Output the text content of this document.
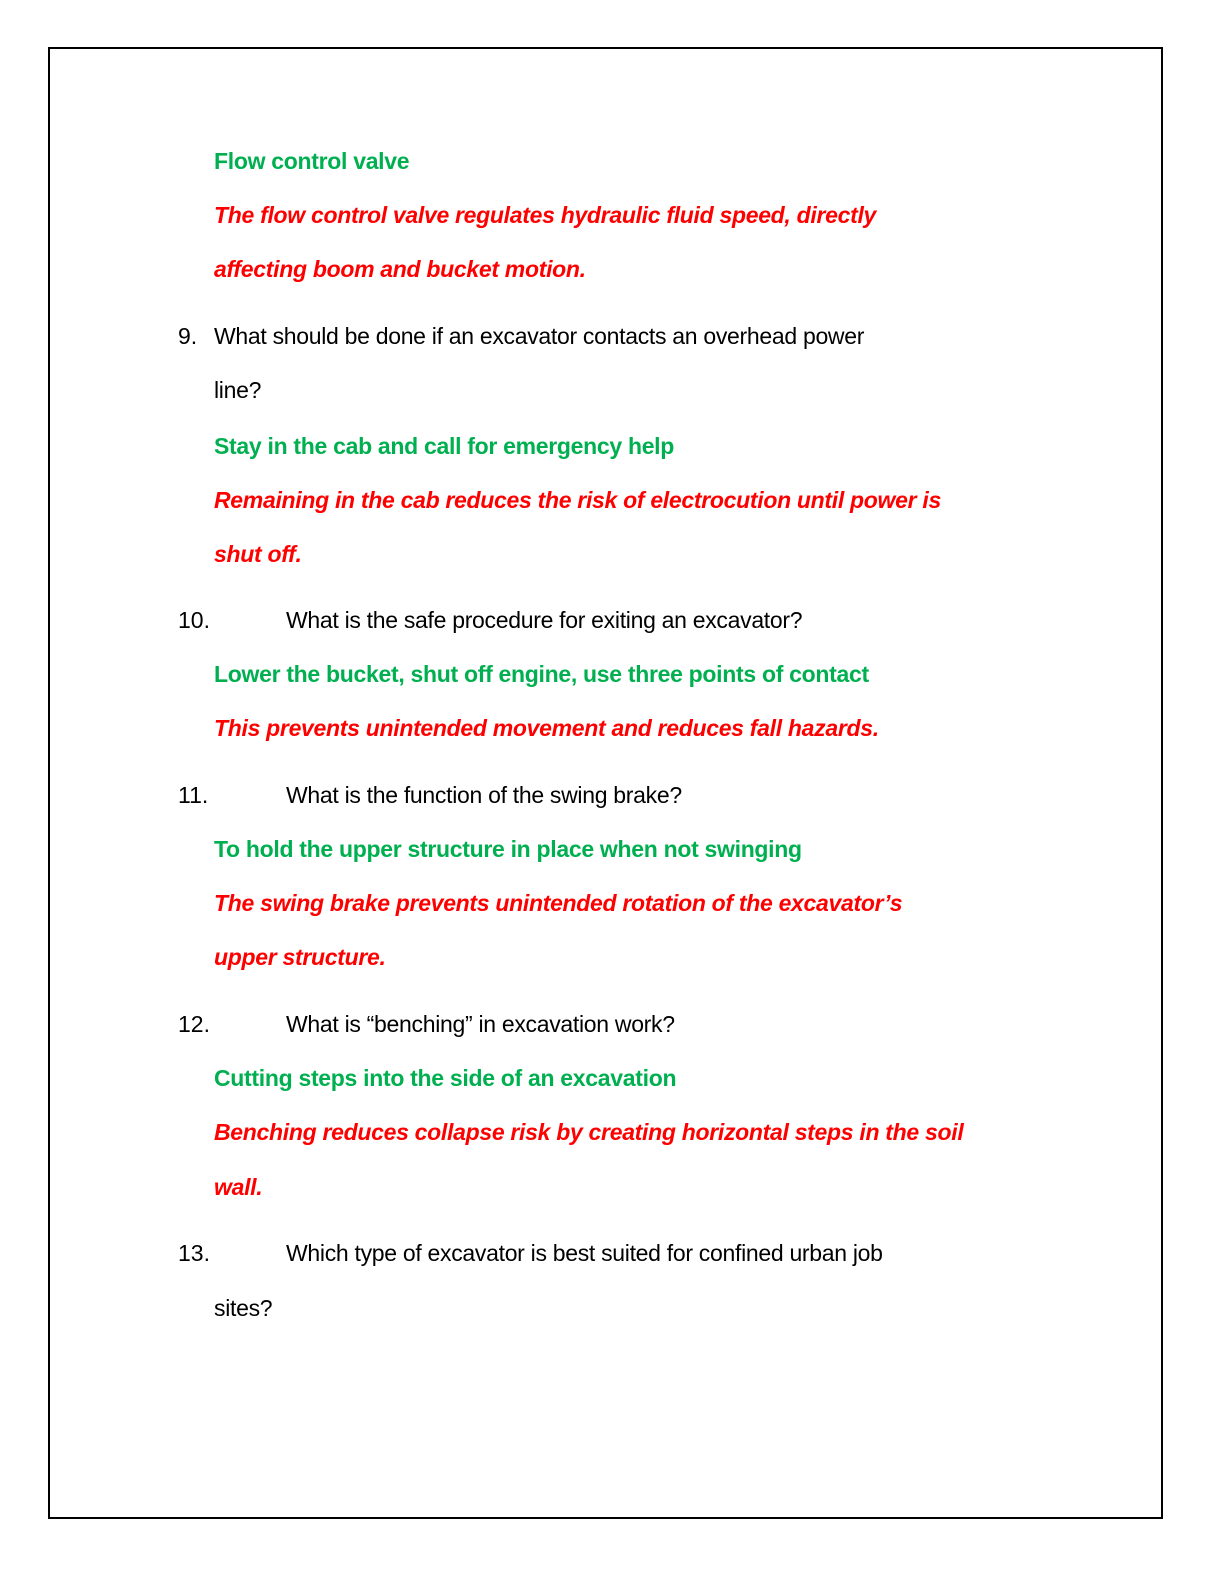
Flow control valve
The flow control valve regulates hydraulic fluid speed, directly
affecting boom and bucket motion.
9. What should be done if an excavator contacts an overhead power
line?
Stay in the cab and call for emergency help
Remaining in the cab reduces the risk of electrocution until power is
shut off.
10.	What is the safe procedure for exiting an excavator?
Lower the bucket, shut off engine, use three points of contact
This prevents unintended movement and reduces fall hazards.
11.	What is the function of the swing brake?
To hold the upper structure in place when not swinging
The swing brake prevents unintended rotation of the excavator’s
upper structure.
12.	What is “benching” in excavation work?
Cutting steps into the side of an excavation
Benching reduces collapse risk by creating horizontal steps in the soil
wall.
13.	Which type of excavator is best suited for confined urban job
sites?
